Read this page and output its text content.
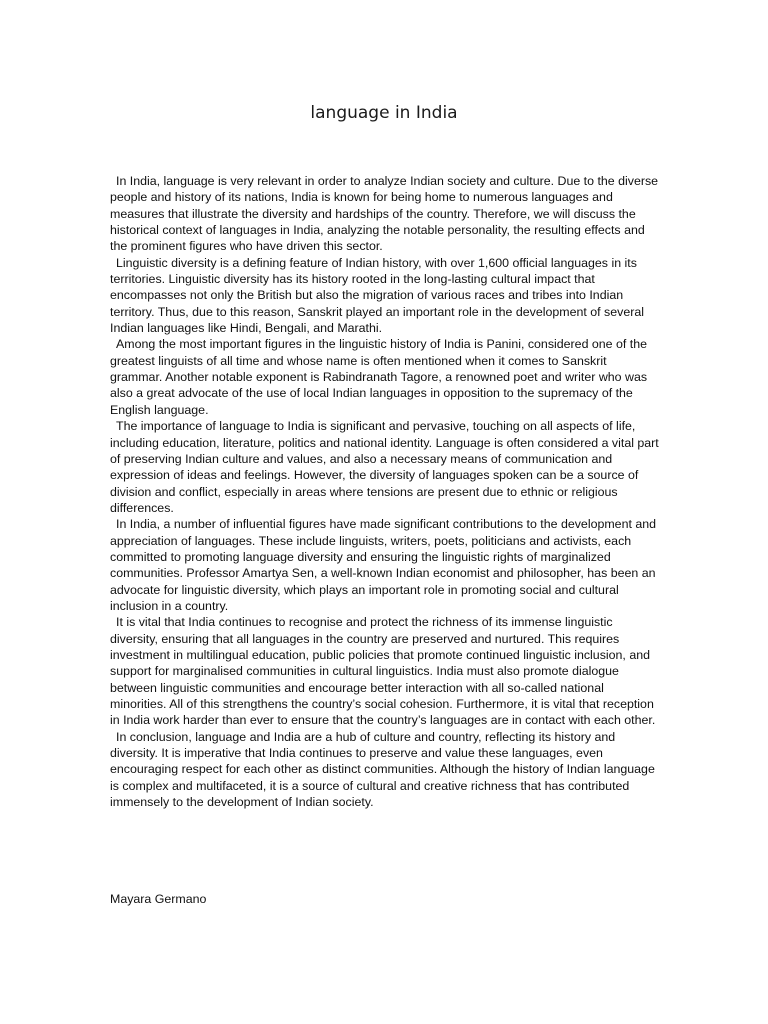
language in India

In India, language is very relevant in order to analyze Indian society and culture. Due to the diverse people and history of its nations, India is known for being home to numerous languages and measures that illustrate the diversity and hardships of the country. Therefore, we will discuss the historical context of languages in India, analyzing the notable personality, the resulting effects and the prominent figures who have driven this sector.

Linguistic diversity is a defining feature of Indian history, with over 1,600 official languages in its territories. Linguistic diversity has its history rooted in the long-lasting cultural impact that encompasses not only the British but also the migration of various races and tribes into Indian territory. Thus, due to this reason, Sanskrit played an important role in the development of several Indian languages like Hindi, Bengali, and Marathi.

Among the most important figures in the linguistic history of India is Panini, considered one of the greatest linguists of all time and whose name is often mentioned when it comes to Sanskrit grammar. Another notable exponent is Rabindranath Tagore, a renowned poet and writer who was also a great advocate of the use of local Indian languages in opposition to the supremacy of the English language.

The importance of language to India is significant and pervasive, touching on all aspects of life, including education, literature, politics and national identity. Language is often considered a vital part of preserving Indian culture and values, and also a necessary means of communication and expression of ideas and feelings. However, the diversity of languages spoken can be a source of division and conflict, especially in areas where tensions are present due to ethnic or religious differences.

In India, a number of influential figures have made significant contributions to the development and appreciation of languages. These include linguists, writers, poets, politicians and activists, each committed to promoting language diversity and ensuring the linguistic rights of marginalized communities. Professor Amartya Sen, a well-known Indian economist and philosopher, has been an advocate for linguistic diversity, which plays an important role in promoting social and cultural inclusion in a country.

It is vital that India continues to recognise and protect the richness of its immense linguistic diversity, ensuring that all languages in the country are preserved and nurtured. This requires investment in multilingual education, public policies that promote continued linguistic inclusion, and support for marginalised communities in cultural linguistics. India must also promote dialogue between linguistic communities and encourage better interaction with all so-called national minorities. All of this strengthens the country’s social cohesion. Furthermore, it is vital that reception in India work harder than ever to ensure that the country’s languages are in contact with each other.

In conclusion, language and India are a hub of culture and country, reflecting its history and diversity. It is imperative that India continues to preserve and value these languages, even encouraging respect for each other as distinct communities. Although the history of Indian language is complex and multifaceted, it is a source of cultural and creative richness that has contributed immensely to the development of Indian society.

Mayara Germano
